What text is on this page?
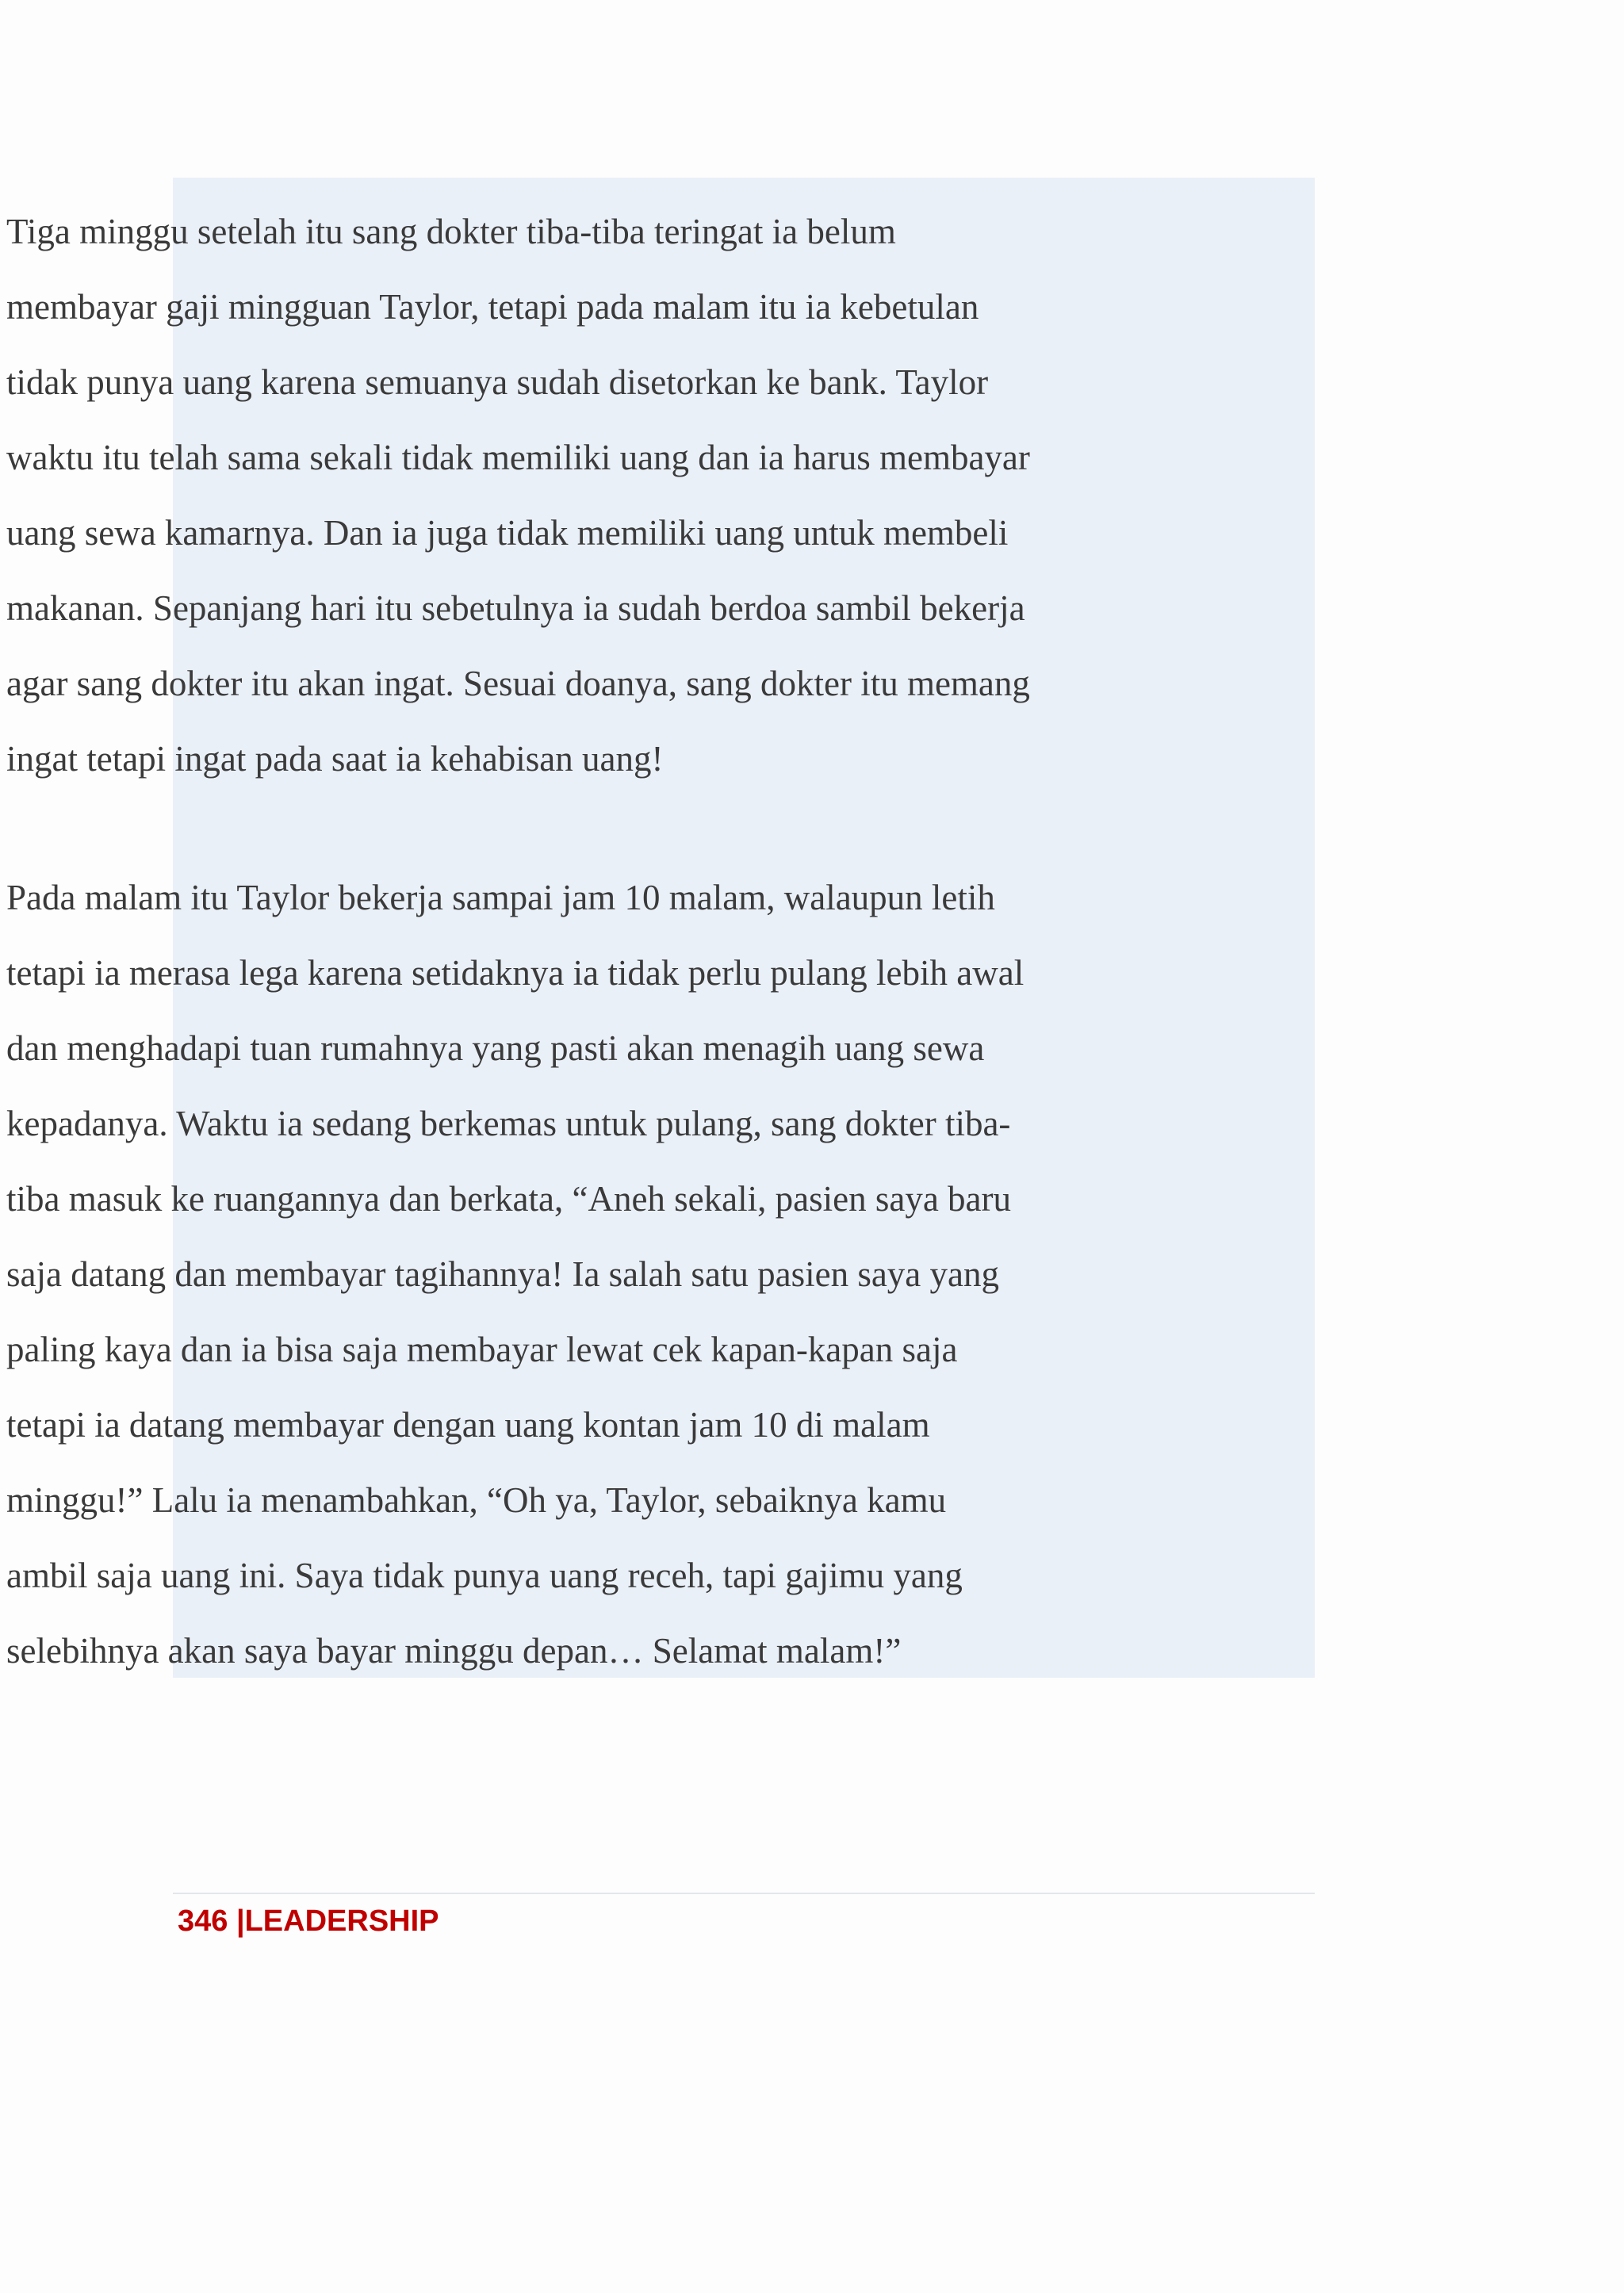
Tiga minggu setelah itu sang dokter tiba-tiba teringat ia belum
membayar gaji mingguan Taylor, tetapi pada malam itu ia kebetulan
tidak punya uang karena semuanya sudah disetorkan ke bank. Taylor
waktu itu telah sama sekali tidak memiliki uang dan ia harus membayar
uang sewa kamarnya. Dan ia juga tidak memiliki uang untuk membeli
makanan. Sepanjang hari itu sebetulnya ia sudah berdoa sambil bekerja
agar sang dokter itu akan ingat. Sesuai doanya, sang dokter itu memang
ingat tetapi ingat pada saat ia kehabisan uang!
Pada malam itu Taylor bekerja sampai jam 10 malam, walaupun letih
tetapi ia merasa lega karena setidaknya ia tidak perlu pulang lebih awal
dan menghadapi tuan rumahnya yang pasti akan menagih uang sewa
kepadanya. Waktu ia sedang berkemas untuk pulang, sang dokter tiba-
tiba masuk ke ruangannya dan berkata, “Aneh sekali, pasien saya baru
saja datang dan membayar tagihannya! Ia salah satu pasien saya yang
paling kaya dan ia bisa saja membayar lewat cek kapan-kapan saja
tetapi ia datang membayar dengan uang kontan jam 10 di malam
minggu!” Lalu ia menambahkan, “Oh ya, Taylor, sebaiknya kamu
ambil saja uang ini. Saya tidak punya uang receh, tapi gajimu yang
selebihnya akan saya bayar minggu depan… Selamat malam!”
346 |LEADERSHIP
